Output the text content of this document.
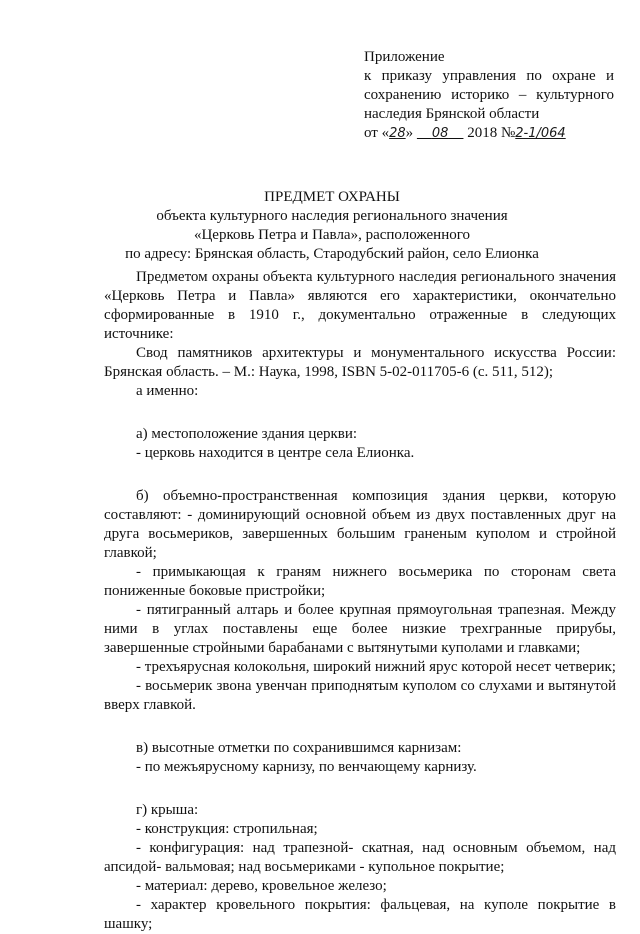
Приложение
к приказу управления по охране и
сохранению историко – культурного
наследия Брянской области
от «28» 08 2018 №2-1/064
ПРЕДМЕТ ОХРАНЫ
объекта культурного наследия регионального значения
«Церковь Петра и Павла», расположенного
по адресу: Брянская область, Стародубский район, село Елионка

Предметом охраны объекта культурного наследия регионального значения «Церковь Петра и Павла» являются его характеристики, окончательно сформированные в 1910 г., документально отраженные в следующих источнике:

Свод памятников архитектуры и монументального искусства России: Брянская область. – М.: Наука, 1998, ISBN 5-02-011705-6 (с. 511, 512);

а именно:

а) местоположение здания церкви:

- церковь находится в центре села Елионка.

б) объемно-пространственная композиция здания церкви, которую составляют: - доминирующий основной объем из двух поставленных друг на друга восьмериков, завершенных большим граненым куполом и стройной главкой;

- примыкающая к граням нижнего восьмерика по сторонам света пониженные боковые пристройки;

- пятигранный алтарь и более крупная прямоугольная трапезная. Между ними в углах поставлены еще более низкие трехгранные прирубы, завершенные стройными барабанами с вытянутыми куполами и главками;

- трехъярусная колокольня, широкий нижний ярус которой несет четверик;

- восьмерик звона увенчан приподнятым куполом со слухами и вытянутой вверх главкой.

в) высотные отметки по сохранившимся карнизам:

- по межъярусному карнизу, по венчающему карнизу.

г) крыша:

- конструкция: стропильная;

- конфигурация: над трапезной- скатная, над основным объемом, над апсидой- вальмовая; над восьмериками - купольное покрытие;

- материал: дерево, кровельное железо;

- характер кровельного покрытия: фальцевая, на куполе покрытие в шашку;
